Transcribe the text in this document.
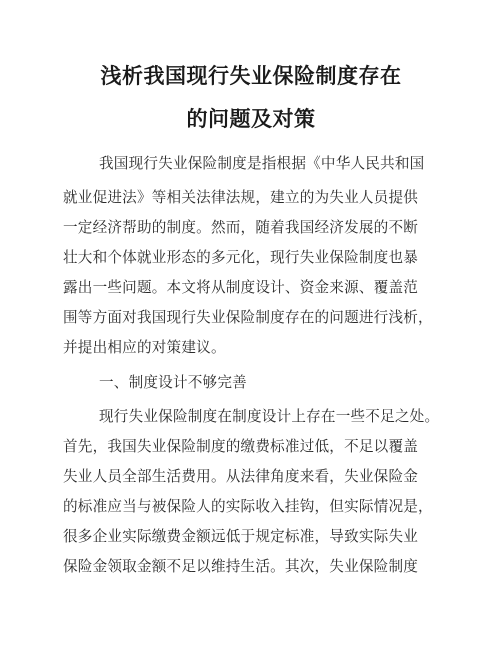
浅析我国现行失业保险制度存在
的问题及对策
我国现行失业保险制度是指根据《中华人民共和国
就业促进法》等相关法律法规，建立的为失业人员提供
一定经济帮助的制度。然而，随着我国经济发展的不断
壮大和个体就业形态的多元化，现行失业保险制度也暴
露出一些问题。本文将从制度设计、资金来源、覆盖范
围等方面对我国现行失业保险制度存在的问题进行浅析，
并提出相应的对策建议。
一、制度设计不够完善
现行失业保险制度在制度设计上存在一些不足之处。
首先，我国失业保险制度的缴费标准过低，不足以覆盖
失业人员全部生活费用。从法律角度来看，失业保险金
的标准应当与被保险人的实际收入挂钩，但实际情况是，
很多企业实际缴费金额远低于规定标准，导致实际失业
保险金领取金额不足以维持生活。其次，失业保险制度
